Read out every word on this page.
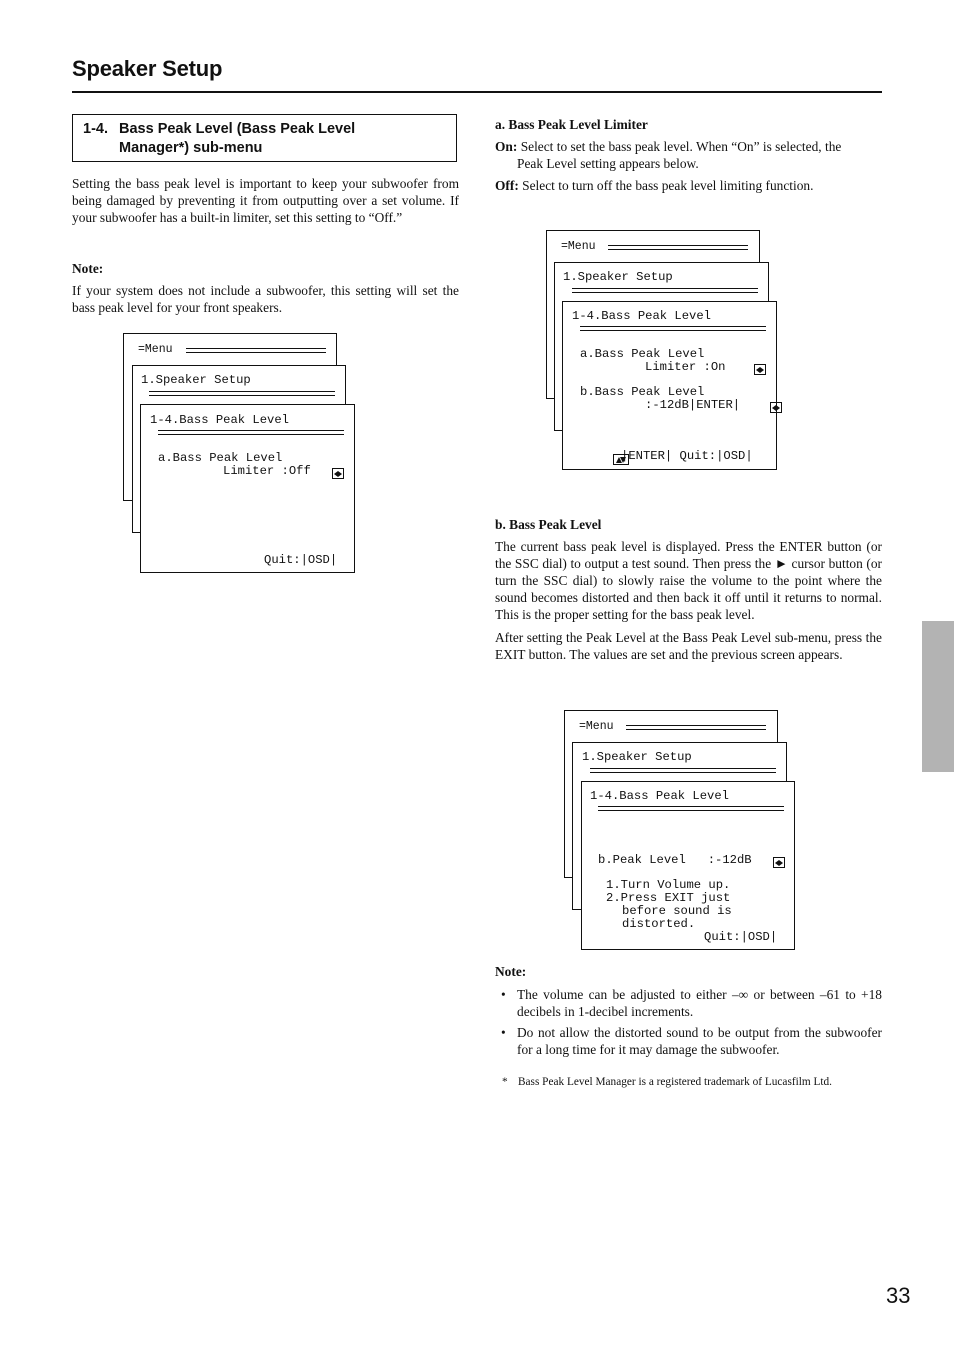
Speaker Setup
1-4. Bass Peak Level (Bass Peak Level
Manager*) sub-menu
Setting the bass peak level is important to keep your subwoofer from being damaged by preventing it from outputting over a set volume. If your subwoofer has a built-in limiter, set this setting to “Off.”
Note:
If your system does not include a subwoofer, this setting will set the bass peak level for your front speakers.
=Menu
1.Speaker Setup
1-4.Bass Peak Level
a.Bass Peak Level
Limiter :Off
Quit:|OSD|
a. Bass Peak Level Limiter
On: Select to set the bass peak level. When “On” is selected, the
Peak Level setting appears below.
Off: Select to turn off the bass peak level limiting function.
=Menu
1.Speaker Setup
1-4.Bass Peak Level
a.Bass Peak Level
Limiter :On

b.Bass Peak Level
:-12dB|ENTER|

|ENTER| Quit:|OSD|
b. Bass Peak Level
The current bass peak level is displayed. Press the ENTER button (or the SSC dial) to output a test sound. Then press the ► cursor button (or turn the SSC dial) to slowly raise the volume to the point where the sound becomes distorted and then back it off until it returns to normal. This is the proper setting for the bass peak level.
After setting the Peak Level at the Bass Peak Level sub-menu, press the EXIT button. The values are set and the previous screen appears.
=Menu
1.Speaker Setup
1-4.Bass Peak Level
b.Peak Level   :-12dB
1.Turn Volume up.
2.Press EXIT just
before sound is
distorted.
Quit:|OSD|
Note:
• The volume can be adjusted to either –∞ or between –61 to +18 decibels in 1-decibel increments.
• Do not allow the distorted sound to be output from the subwoofer for a long time for it may damage the subwoofer.
* Bass Peak Level Manager is a registered trademark of Lucasfilm Ltd.
33
